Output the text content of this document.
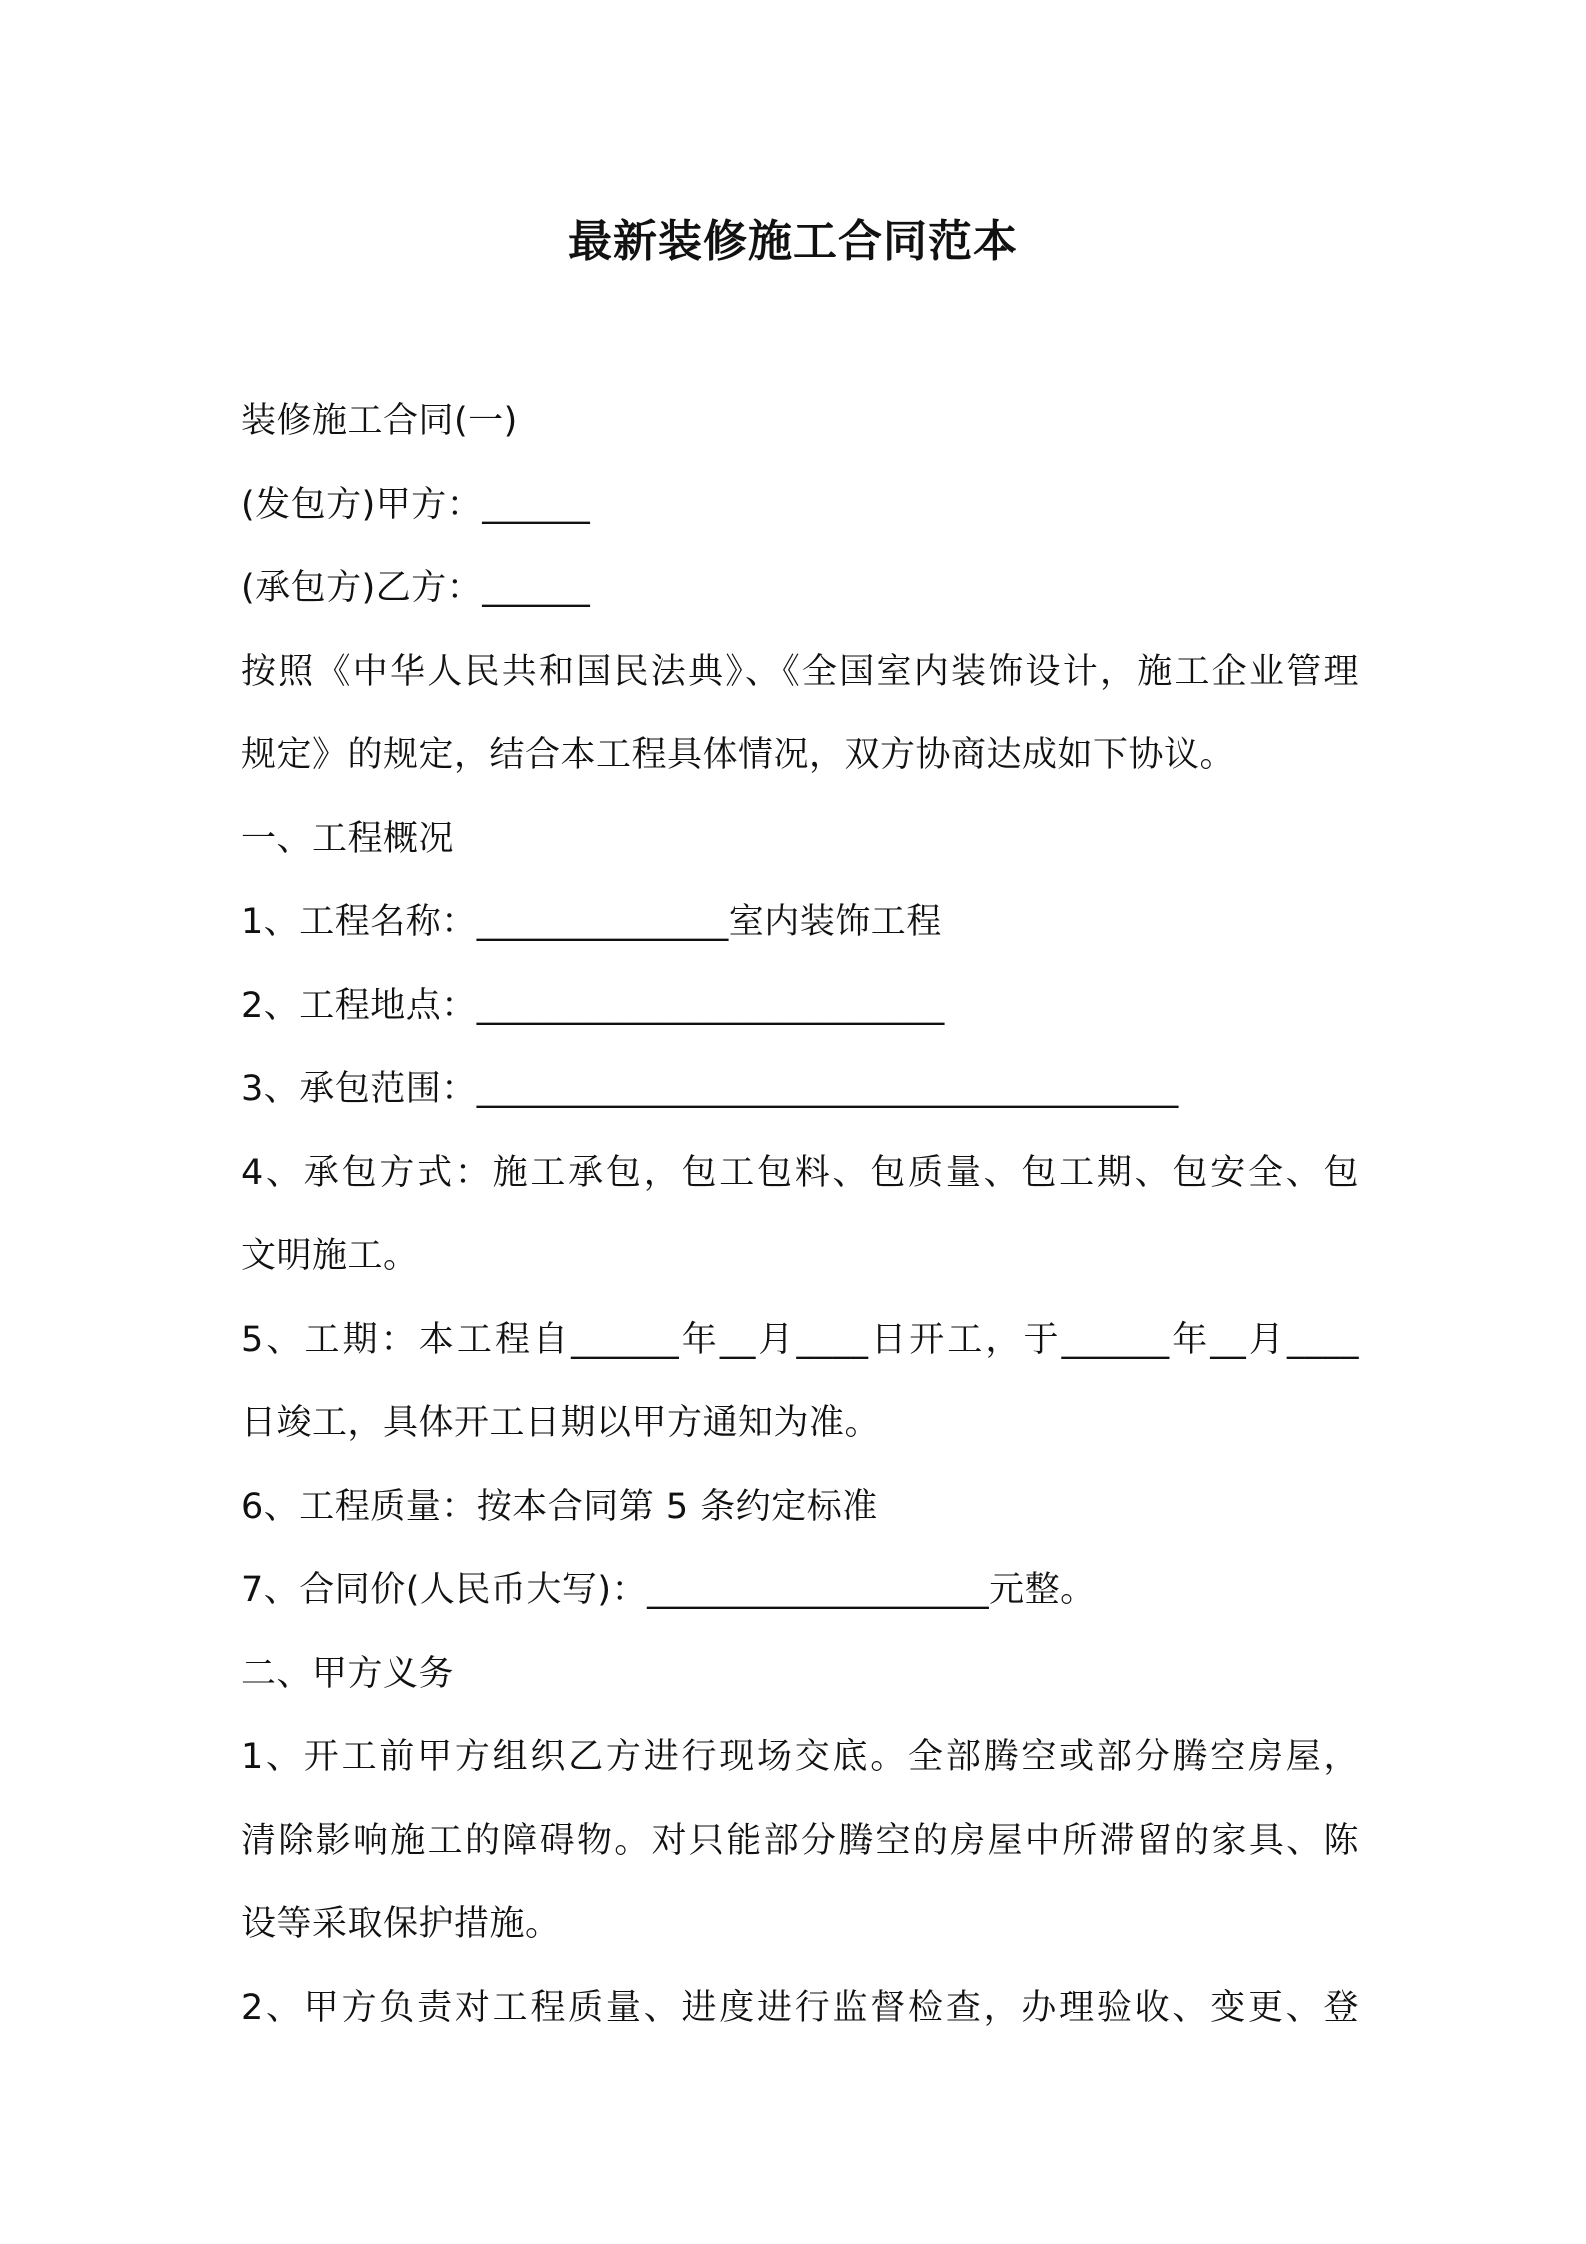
最新装修施工合同范本
装修施工合同(一)
(发包方)甲方：______
(承包方)乙方：______
按照《中华人民共和国民法典》、《全国室内装饰设计，施工企业管理
规定》的规定，结合本工程具体情况，双方协商达成如下协议。
一、工程概况
1、工程名称：______________室内装饰工程
2、工程地点：__________________________
3、承包范围：_______________________________________
4、承包方式：施工承包，包工包料、包质量、包工期、包安全、包
文明施工。
5、工期：本工程自______年__月____日开工，于______年__月____
日竣工，具体开工日期以甲方通知为准。
6、工程质量：按本合同第 5 条约定标准
7、合同价(人民币大写)：___________________元整。
二、甲方义务
1、开工前甲方组织乙方进行现场交底。全部腾空或部分腾空房屋，
清除影响施工的障碍物。对只能部分腾空的房屋中所滞留的家具、陈
设等采取保护措施。
2、甲方负责对工程质量、进度进行监督检查，办理验收、变更、登
